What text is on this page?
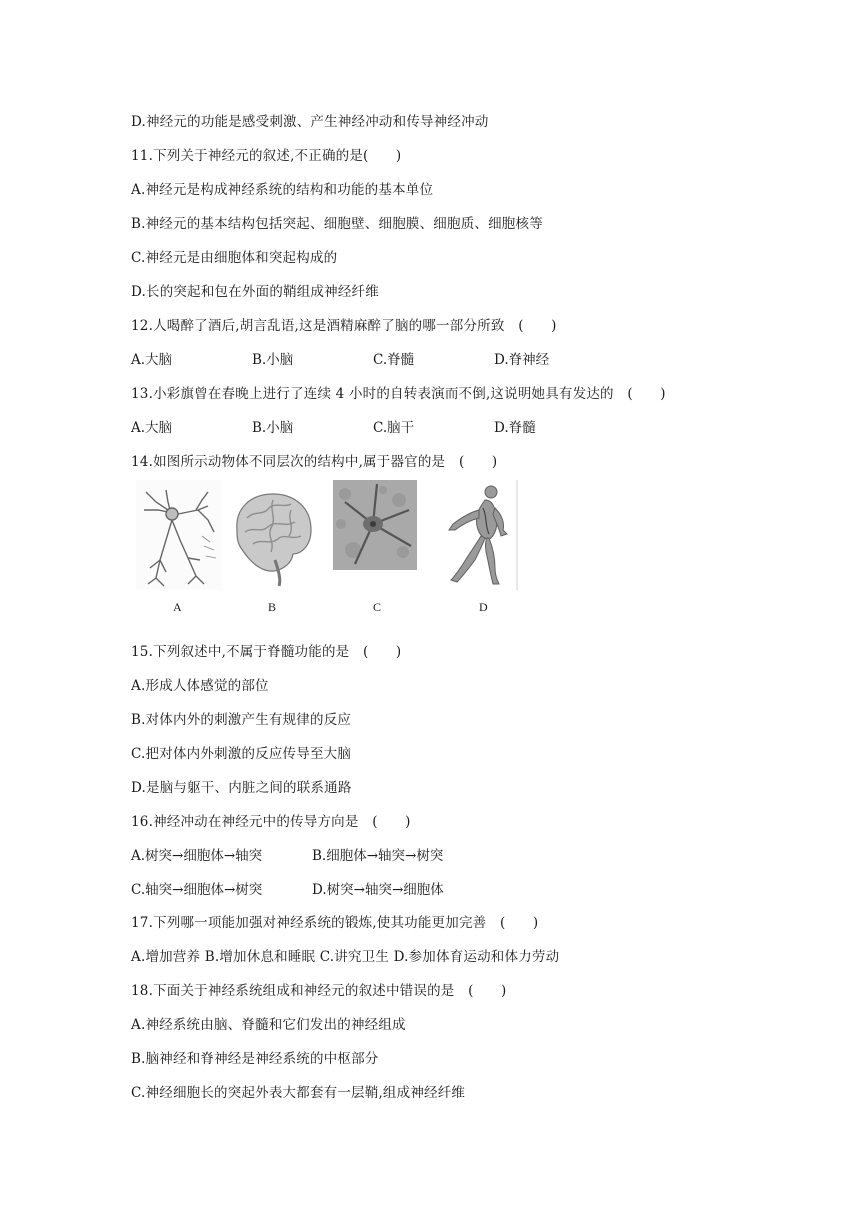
D.神经元的功能是感受刺激、产生神经冲动和传导神经冲动
11.下列关于神经元的叙述,不正确的是(　　)
A.神经元是构成神经系统的结构和功能的基本单位
B.神经元的基本结构包括突起、细胞壁、细胞膜、细胞质、细胞核等
C.神经元是由细胞体和突起构成的
D.长的突起和包在外面的鞘组成神经纤维
12.人喝醉了酒后,胡言乱语,这是酒精麻醉了脑的哪一部分所致　(　　)
A.大脑	B.小脑	C.脊髓	D.脊神经
13.小彩旗曾在春晚上进行了连续 4 小时的自转表演而不倒,这说明她具有发达的　(　　)
A.大脑	B.小脑	C.脑干	D.脊髓
14.如图所示动物体不同层次的结构中,属于器官的是　(　　)
A	B	C	D
15.下列叙述中,不属于脊髓功能的是　(　　)
A.形成人体感觉的部位
B.对体内外的刺激产生有规律的反应
C.把对体内外刺激的反应传导至大脑
D.是脑与躯干、内脏之间的联系通路
16.神经冲动在神经元中的传导方向是　(　　)
A.树突→细胞体→轴突	B.细胞体→轴突→树突
C.轴突→细胞体→树突	D.树突→轴突→细胞体
17.下列哪一项能加强对神经系统的锻炼,使其功能更加完善　(　　)
A.增加营养 B.增加休息和睡眠 C.讲究卫生 D.参加体育运动和体力劳动
18.下面关于神经系统组成和神经元的叙述中错误的是　(　　)
A.神经系统由脑、脊髓和它们发出的神经组成
B.脑神经和脊神经是神经系统的中枢部分
C.神经细胞长的突起外表大都套有一层鞘,组成神经纤维
